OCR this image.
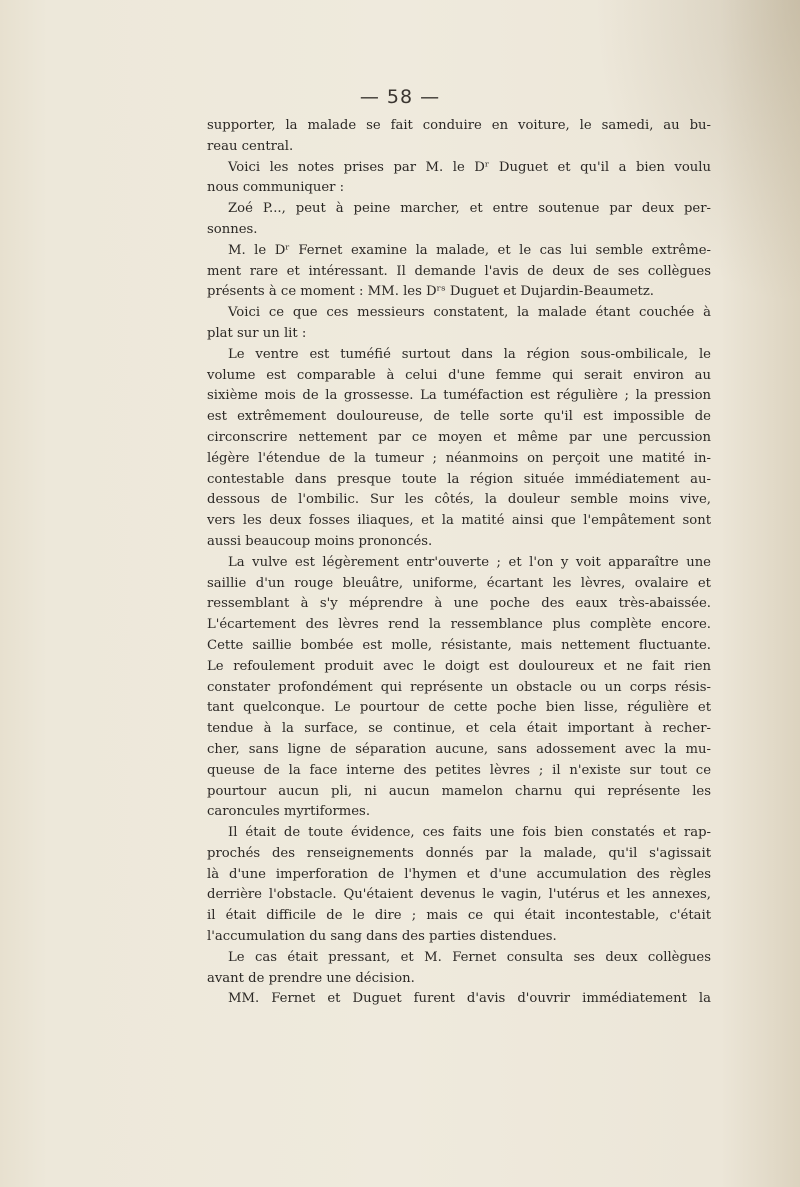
— 58 —

supporter, la malade se fait conduire en voiture, le samedi, au bu-

reau central.

Voici les notes prises par M. le Dʳ Duguet et qu'il a bien voulu

nous communiquer :

Zoé P..., peut à peine marcher, et entre soutenue par deux per-

sonnes.

M. le Dʳ Fernet examine la malade, et le cas lui semble extrême-

ment rare et intéressant. Il demande l'avis de deux de ses collègues

présents à ce moment : MM. les Dʳˢ Duguet et Dujardin-Beaumetz.

Voici ce que ces messieurs constatent, la malade étant couchée à

plat sur un lit :

Le ventre est tuméfié surtout dans la région sous-ombilicale, le

volume est comparable à celui d'une femme qui serait environ au

sixième mois de la grossesse. La tuméfaction est régulière ; la pression

est extrêmement douloureuse, de telle sorte qu'il est impossible de

circonscrire nettement par ce moyen et même par une percussion

légère l'étendue de la tumeur ; néanmoins on perçoit une matité in-

contestable dans presque toute la région située immédiatement au-

dessous de l'ombilic. Sur les côtés, la douleur semble moins vive,

vers les deux fosses iliaques, et la matité ainsi que l'empâtement sont

aussi beaucoup moins prononcés.

La vulve est légèrement entr'ouverte ; et l'on y voit apparaître une

saillie d'un rouge bleuâtre, uniforme, écartant les lèvres, ovalaire et

ressemblant à s'y méprendre à une poche des eaux très-abaissée.

L'écartement des lèvres rend la ressemblance plus complète encore.

Cette saillie bombée est molle, résistante, mais nettement fluctuante.

Le refoulement produit avec le doigt est douloureux et ne fait rien

constater profondément qui représente un obstacle ou un corps résis-

tant quelconque. Le pourtour de cette poche bien lisse, régulière et

tendue à la surface, se continue, et cela était important à recher-

cher, sans ligne de séparation aucune, sans adossement avec la mu-

queuse de la face interne des petites lèvres ; il n'existe sur tout ce

pourtour aucun pli, ni aucun mamelon charnu qui représente les

caroncules myrtiformes.

Il était de toute évidence, ces faits une fois bien constatés et rap-

prochés des renseignements donnés par la malade, qu'il s'agissait

là d'une imperforation de l'hymen et d'une accumulation des règles

derrière l'obstacle. Qu'étaient devenus le vagin, l'utérus et les annexes,

il était difficile de le dire ; mais ce qui était incontestable, c'était

l'accumulation du sang dans des parties distendues.

Le cas était pressant, et M. Fernet consulta ses deux collègues

avant de prendre une décision.

MM. Fernet et Duguet furent d'avis d'ouvrir immédiatement la
